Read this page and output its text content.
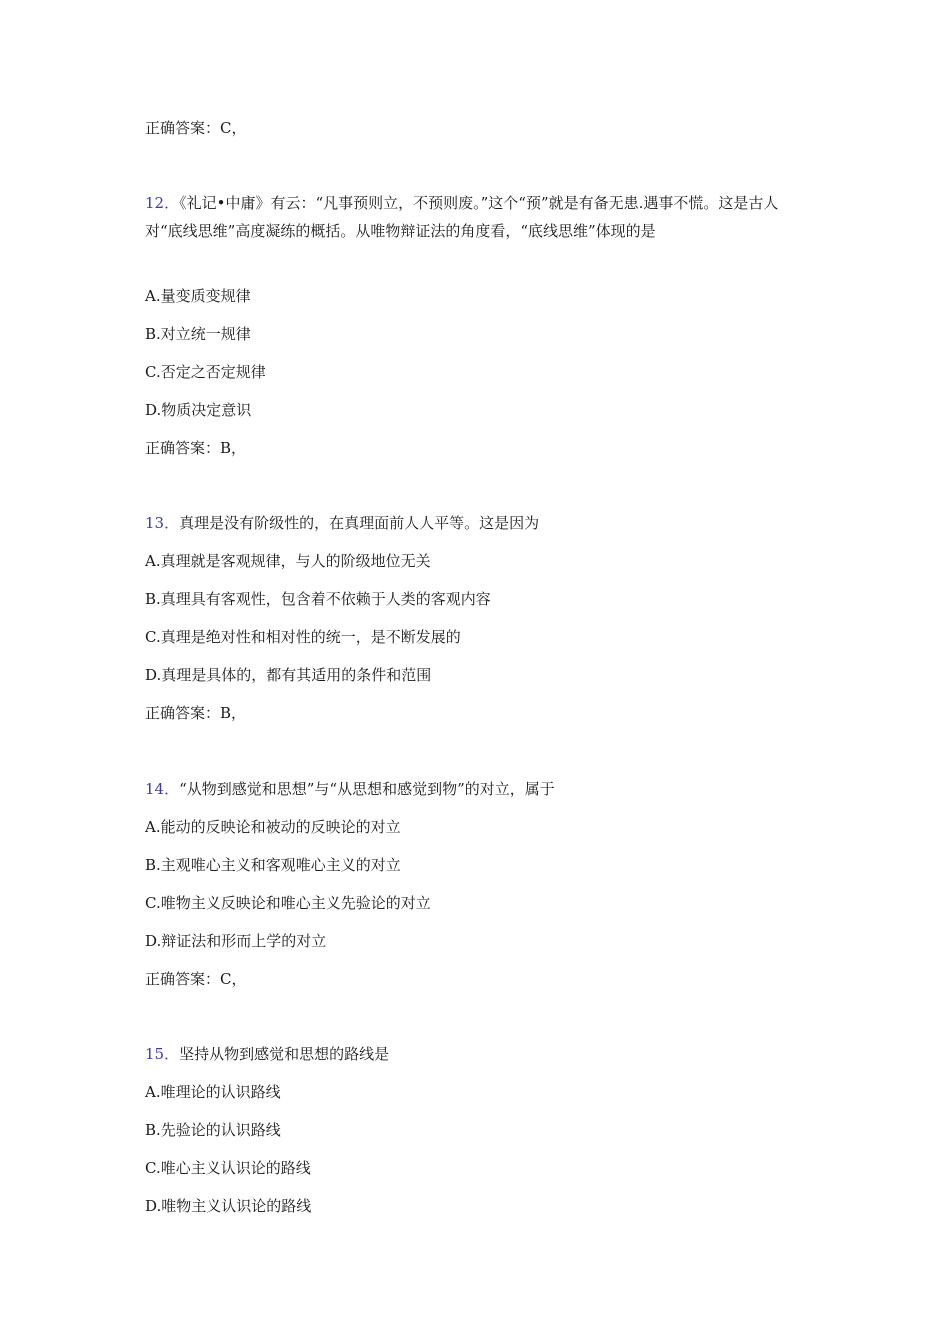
正确答案：C，
12．《礼记•中庸》有云：“凡事预则立，不预则废。”这个“预”就是有备无患.遇事不慌。这是古人对“底线思维”高度凝练的概括。从唯物辩证法的角度看，“底线思维”体现的是
A.量变质变规律
B.对立统一规律
C.否定之否定规律
D.物质决定意识
正确答案：B，
13．真理是没有阶级性的，在真理面前人人平等。这是因为
A.真理就是客观规律，与人的阶级地位无关
B.真理具有客观性，包含着不依赖于人类的客观内容
C.真理是绝对性和相对性的统一，是不断发展的
D.真理是具体的，都有其适用的条件和范围
正确答案：B，
14．“从物到感觉和思想”与“从思想和感觉到物”的对立，属于
A.能动的反映论和被动的反映论的对立
B.主观唯心主义和客观唯心主义的对立
C.唯物主义反映论和唯心主义先验论的对立
D.辩证法和形而上学的对立
正确答案：C，
15．坚持从物到感觉和思想的路线是
A.唯理论的认识路线
B.先验论的认识路线
C.唯心主义认识论的路线
D.唯物主义认识论的路线
